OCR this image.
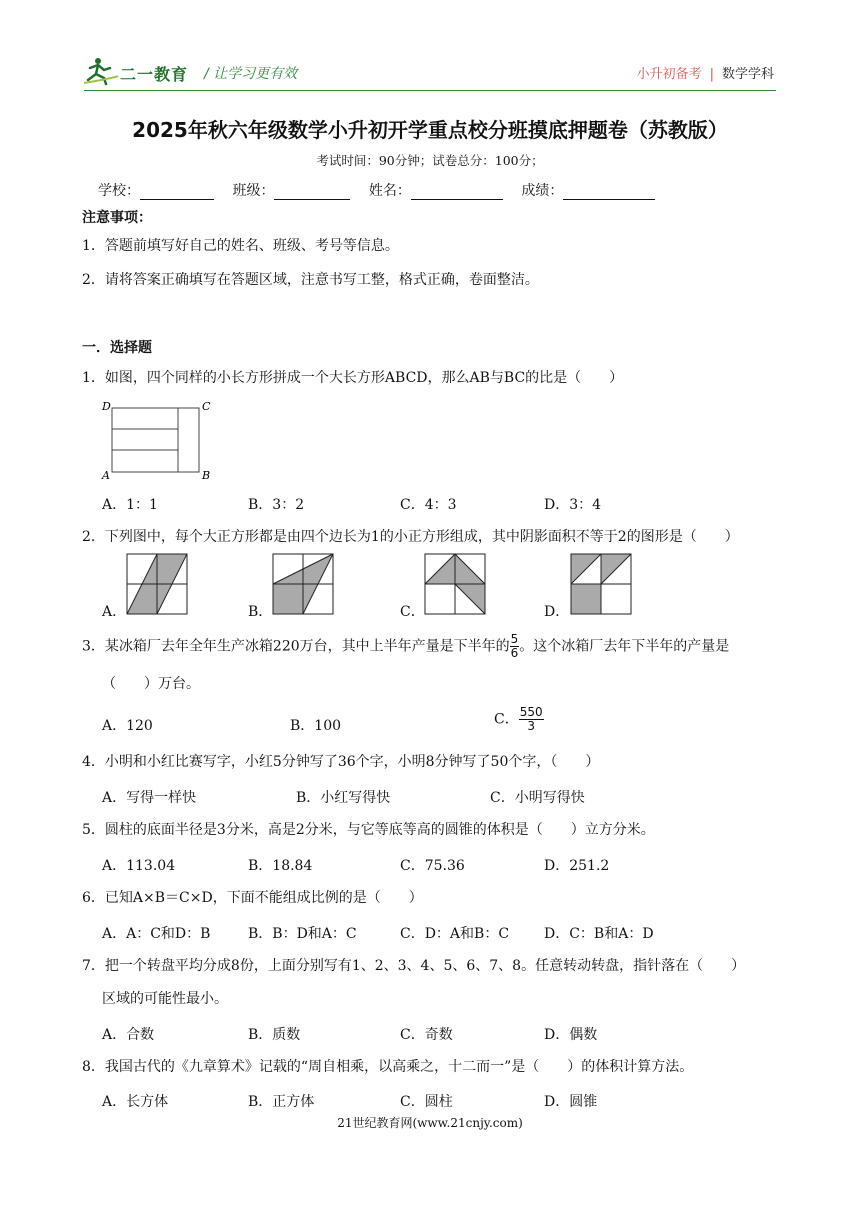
二一教育 / 让学习更有效	小升初备考 | 数学学科
2025年秋六年级数学小升初开学重点校分班摸底押题卷（苏教版）
考试时间：90分钟；试卷总分：100分；
学校：	班级：	姓名：	成绩：
注意事项：
1．答题前填写好自己的姓名、班级、考号等信息。
2．请将答案正确填写在答题区域，注意书写工整，格式正确，卷面整洁。
一．选择题
1．如图，四个同样的小长方形拼成一个大长方形ABCD，那么AB与BC的比是（　　）
D	C
A	B
A．1：1	B．3：2	C．4：3	D．3：4
2．下列图中，每个大正方形都是由四个边长为1的小正方形组成，其中阴影面积不等于2的图形是（　　）
A．	B．	C．	D．
3．某冰箱厂去年全年生产冰箱220万台，其中上半年产量是下半年的 $\frac{5}{6}$ 。这个冰箱厂去年下半年的产量是
（　　）万台。
A．120	B．100	C． $\frac{550}{3}$
4．小明和小红比赛写字，小红5分钟写了36个字，小明8分钟写了50个字，（　　）
A．写得一样快	B．小红写得快	C．小明写得快
5．圆柱的底面半径是3分米，高是2分米，与它等底等高的圆锥的体积是（　　）立方分米。
A．113.04	B．18.84	C．75.36	D．251.2
6．已知A×B＝C×D，下面不能组成比例的是（　　）
A．A：C和D：B	B．B：D和A：C	C．D：A和B：C D．C：B和A：D
7．把一个转盘平均分成8份，上面分别写有1、2、3、4、5、6、7、8。任意转动转盘，指针落在（　　）
区域的可能性最小。
A．合数	B．质数	C．奇数	D．偶数
8．我国古代的《九章算术》记载的“周自相乘，以高乘之，十二而一”是（　　）的体积计算方法。
A．长方体	B．正方体	C．圆柱	D．圆锥
21世纪教育网(www.21cnjy.com)
